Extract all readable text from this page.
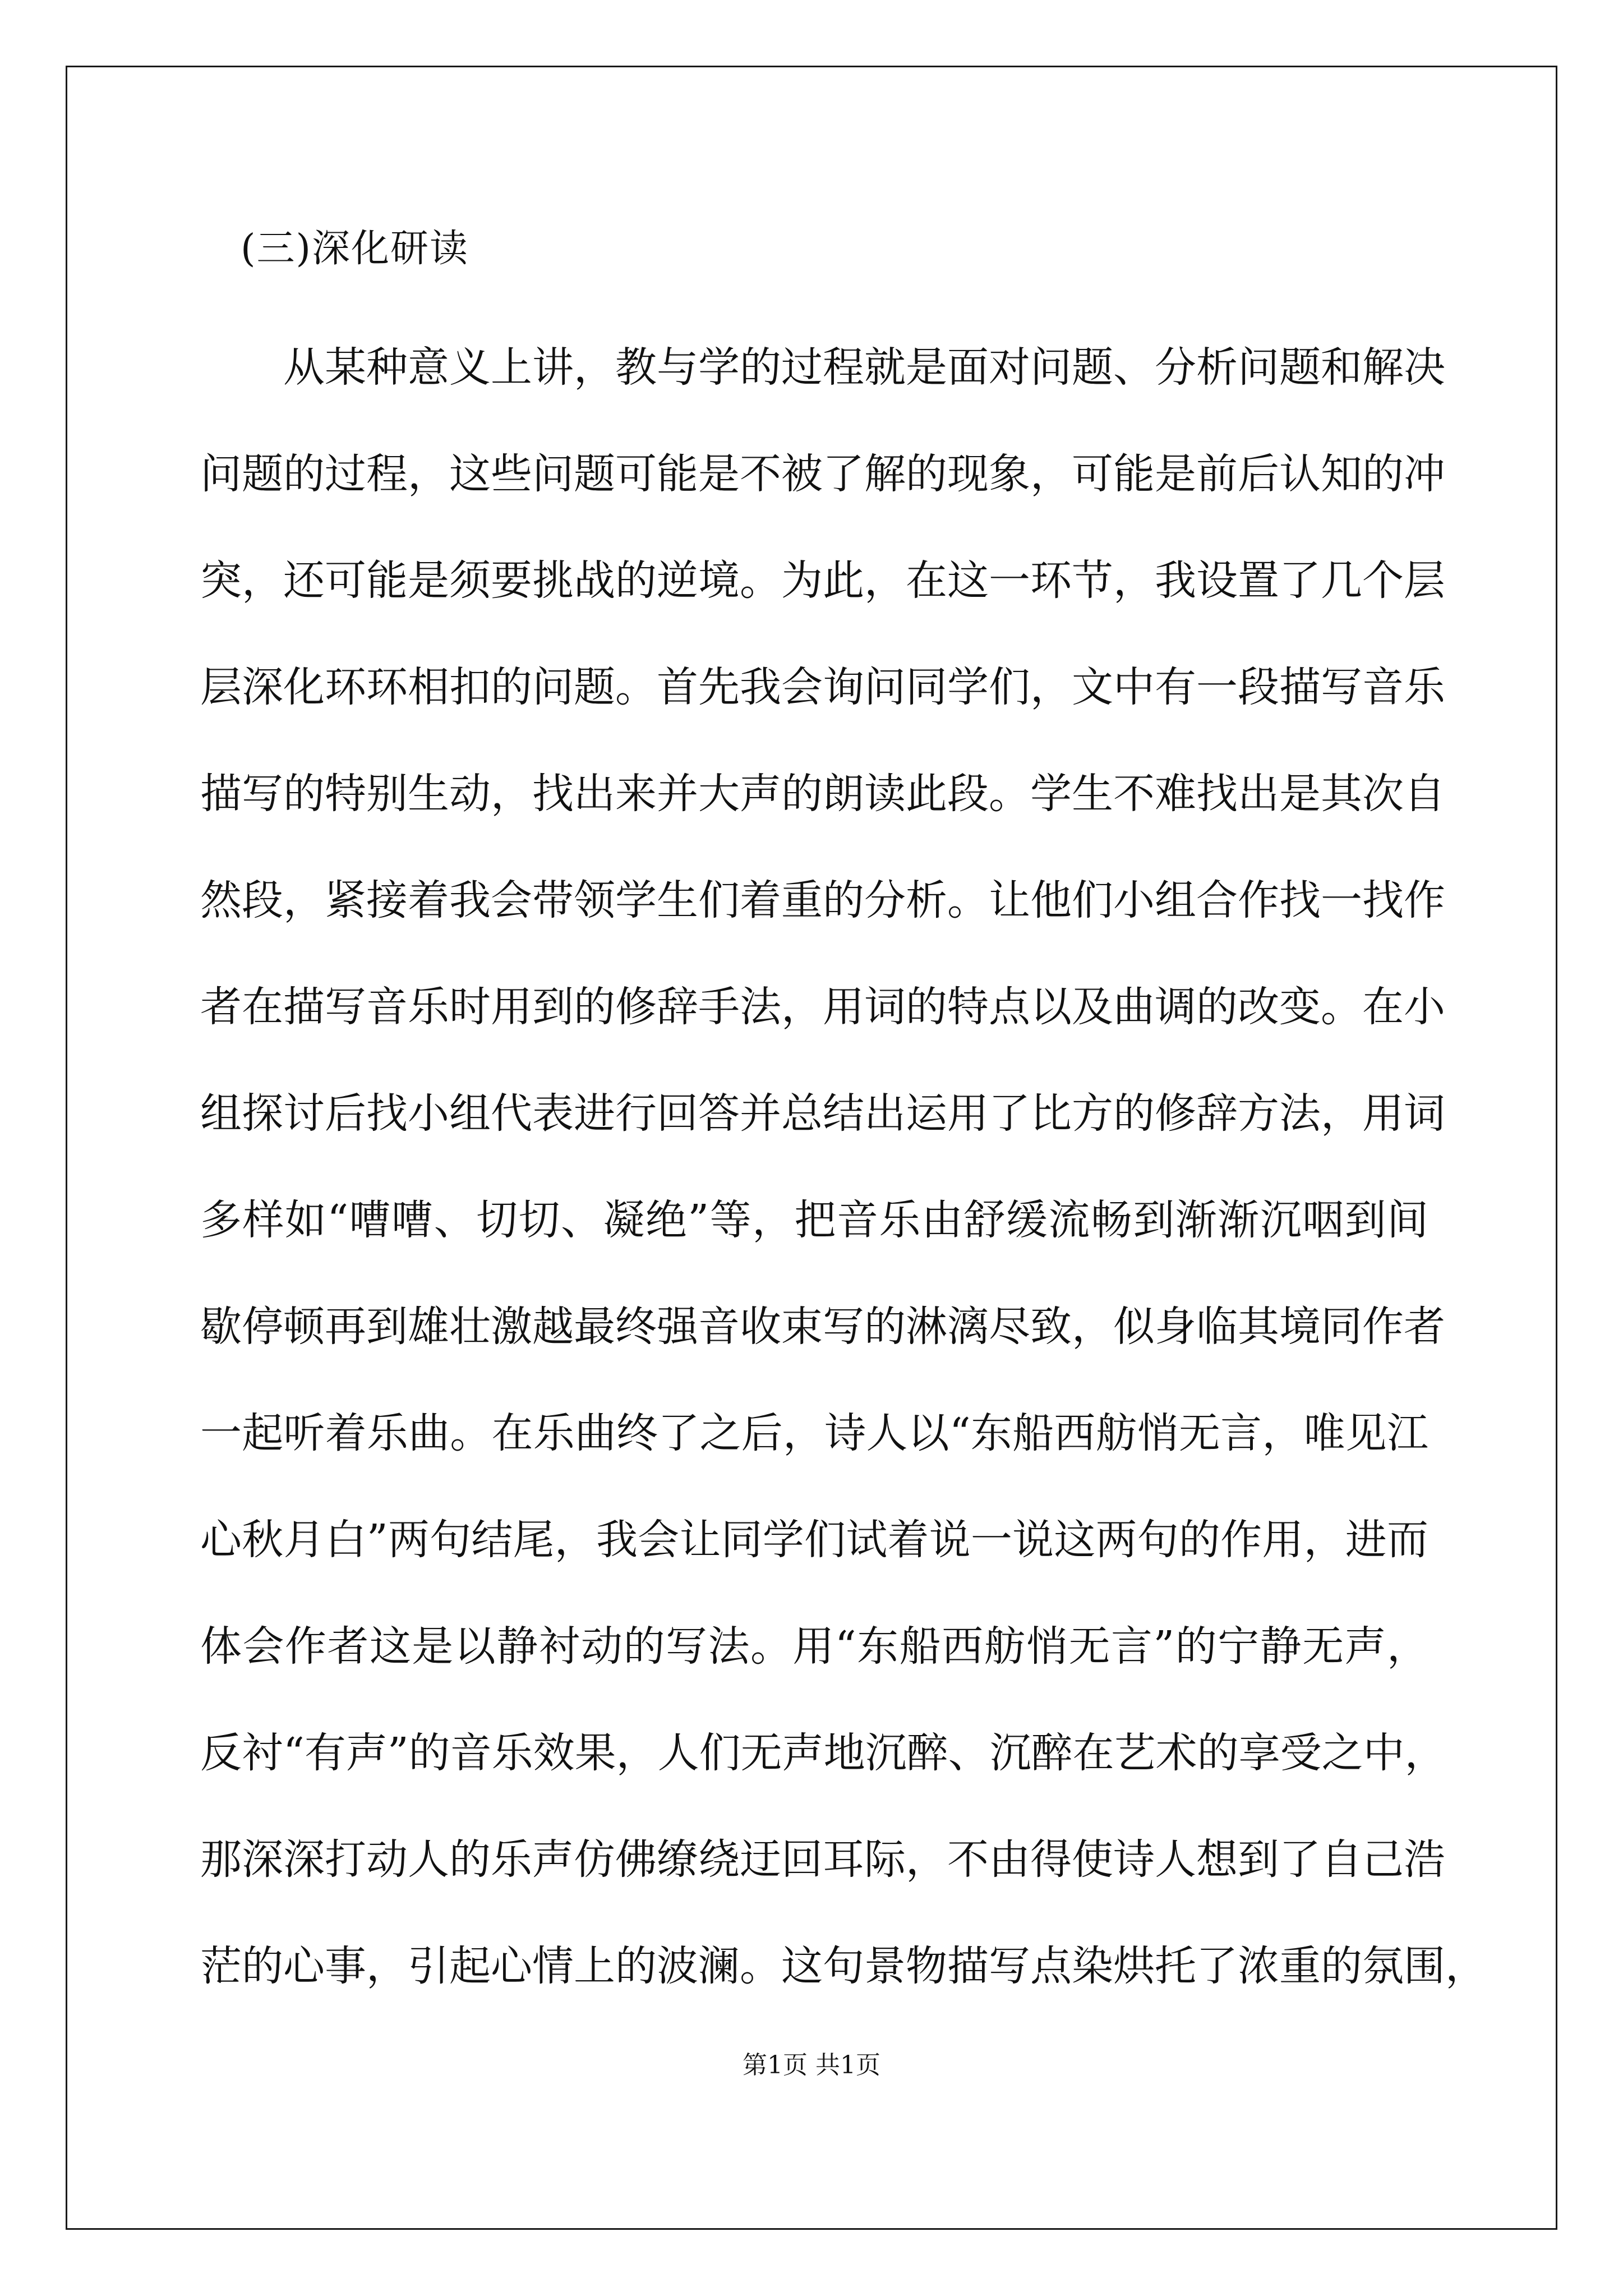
(三)深化研读
从某种意义上讲，教与学的过程就是面对问题、分析问题和解决
问题的过程，这些问题可能是不被了解的现象，可能是前后认知的冲
突，还可能是须要挑战的逆境。为此，在这一环节，我设置了几个层
层深化环环相扣的问题。首先我会询问同学们，文中有一段描写音乐
描写的特别生动，找出来并大声的朗读此段。学生不难找出是其次自
然段，紧接着我会带领学生们着重的分析。让他们小组合作找一找作
者在描写音乐时用到的修辞手法，用词的特点以及曲调的改变。在小
组探讨后找小组代表进行回答并总结出运用了比方的修辞方法，用词
多样如“嘈嘈、切切、凝绝”等，把音乐由舒缓流畅到渐渐沉咽到间
歇停顿再到雄壮激越最终强音收束写的淋漓尽致，似身临其境同作者
一起听着乐曲。在乐曲终了之后，诗人以“东船西舫悄无言，唯见江
心秋月白”两句结尾，我会让同学们试着说一说这两句的作用，进而
体会作者这是以静衬动的写法。用“东船西舫悄无言”的宁静无声，
反衬“有声”的音乐效果，人们无声地沉醉、沉醉在艺术的享受之中，
那深深打动人的乐声仿佛缭绕迂回耳际，不由得使诗人想到了自己浩
茫的心事，引起心情上的波澜。这句景物描写点染烘托了浓重的氛围，
第1页 共1页
